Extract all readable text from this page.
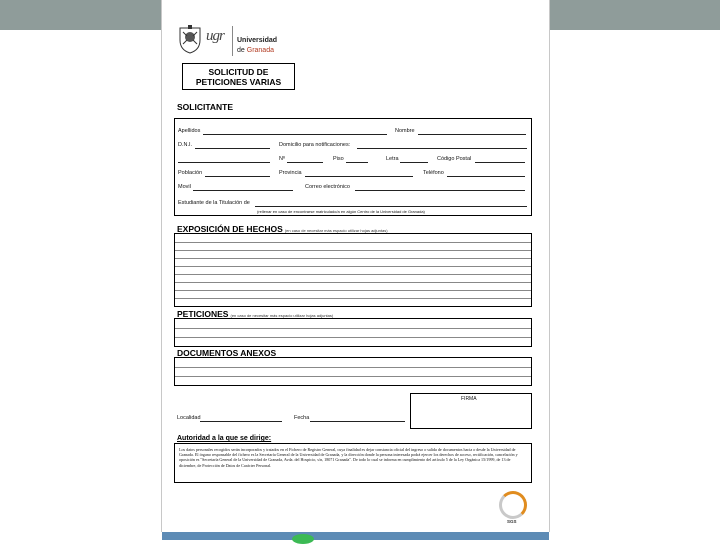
ugr Universidad
de Granada
SOLICITUD DE
PETICIONES VARIAS
SOLICITANTE
Apellidos	Nombre
D.N.I.	Domicilio para notificaciones:
Nº	Piso	Letra	Código Postal
Población	Provincia	Teléfono
Movil	Correo electrónico
Estudiante de la Titulación de
(rellenar en caso de encontrarse matriculado/a en algún Centro de la Universidad de Granada)
EXPOSICIÓN DE HECHOS (en caso de necesitar más espacio utilizar hojas adjuntas)
PETICIONES (en caso de necesitar más espacio utilizar hojas adjuntas)
DOCUMENTOS ANEXOS
Localidad	Fecha
FIRMA
Autoridad a la que se dirige:
Los datos personales recogidos serán incorporados y tratados en el Fichero de Registro General, cuya finalidad es dejar constancia oficial del ingreso o salida de documentos hacia o desde la Universidad de Granada. El órgano responsable del fichero es la Secretaría General de la Universidad de Granada, y la dirección donde la persona interesada podrá ejercer los derechos de acceso, rectificación, cancelación y oposición es "Secretaría General de la Universidad de Granada, Avda. del Hospicio, s/n, 18071 Granada". De todo lo cual se informa en cumplimiento del artículo 5 de la Ley Orgánica 15/1999, de 13 de diciembre, de Protección de Datos de Carácter Personal.
SGS
